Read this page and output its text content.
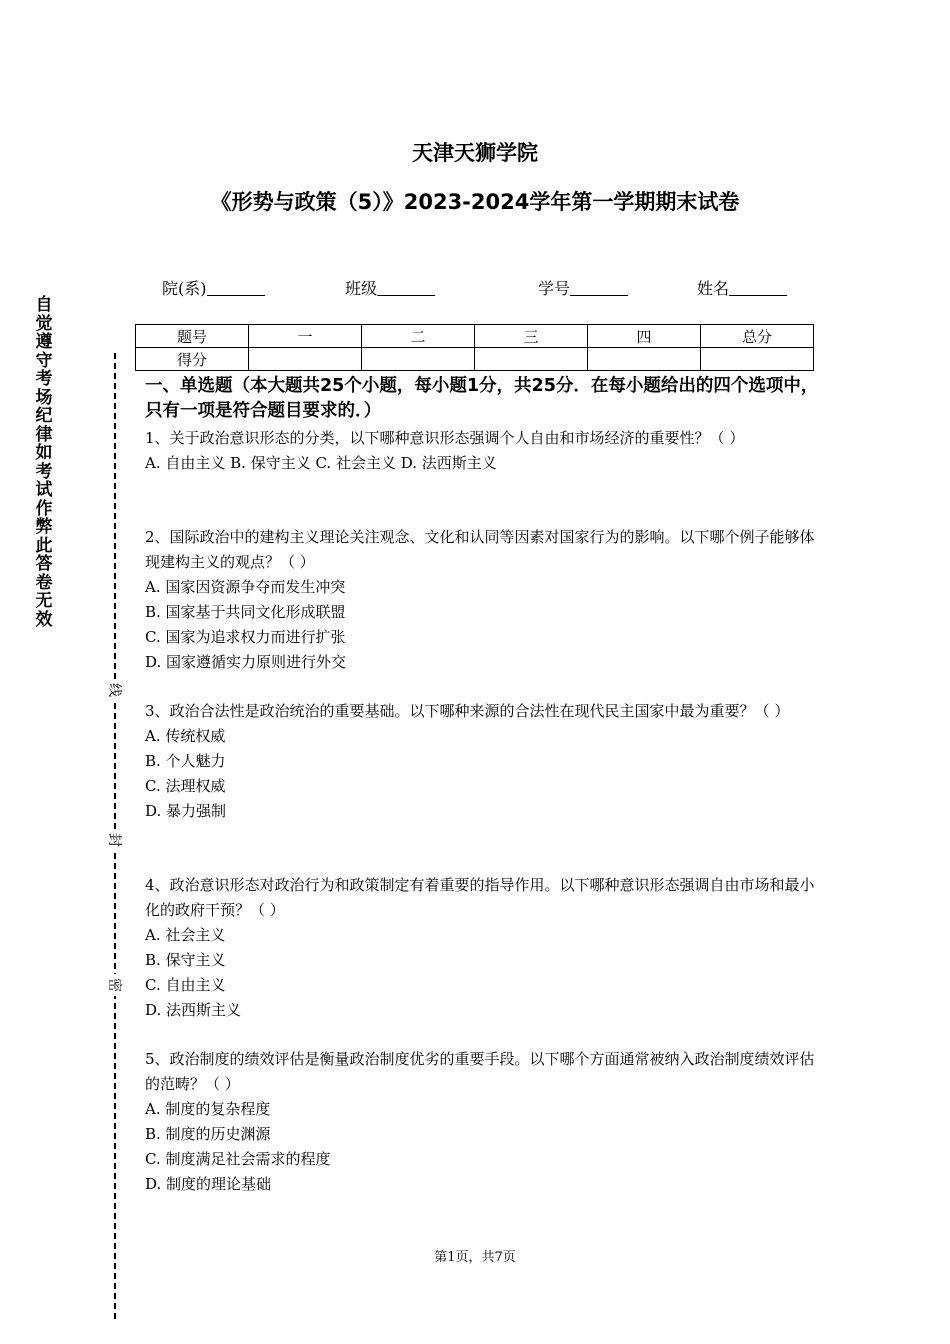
天津天狮学院
《形势与政策（5）》2023-2024学年第一学期期末试卷
院(系)	班级	学号	姓名
自
觉
遵
守
考
场
纪
律
如
考
试
作
弊
此
答
卷
无
效
线
封
密
题号	一	二	三	四	总分
得分					
一、单选题（本大题共25个小题，每小题1分，共25分．在每小题给出的四个选项中，只有一项是符合题目要求的．）

1、关于政治意识形态的分类，以下哪种意识形态强调个人自由和市场经济的重要性？（ ）

A. 自由主义 B. 保守主义 C. 社会主义 D. 法西斯主义

2、国际政治中的建构主义理论关注观念、文化和认同等因素对国家行为的影响。以下哪个例子能够体现建构主义的观点？（ ）

A. 国家因资源争夺而发生冲突
B. 国家基于共同文化形成联盟
C. 国家为追求权力而进行扩张
D. 国家遵循实力原则进行外交

3、政治合法性是政治统治的重要基础。以下哪种来源的合法性在现代民主国家中最为重要？（ ）

A. 传统权威
B. 个人魅力
C. 法理权威
D. 暴力强制

4、政治意识形态对政治行为和政策制定有着重要的指导作用。以下哪种意识形态强调自由市场和最小化的政府干预？（ ）

A. 社会主义
B. 保守主义
C. 自由主义
D. 法西斯主义

5、政治制度的绩效评估是衡量政治制度优劣的重要手段。以下哪个方面通常被纳入政治制度绩效评估的范畴？（ ）

A. 制度的复杂程度
B. 制度的历史渊源
C. 制度满足社会需求的程度
D. 制度的理论基础
第1页，共7页
